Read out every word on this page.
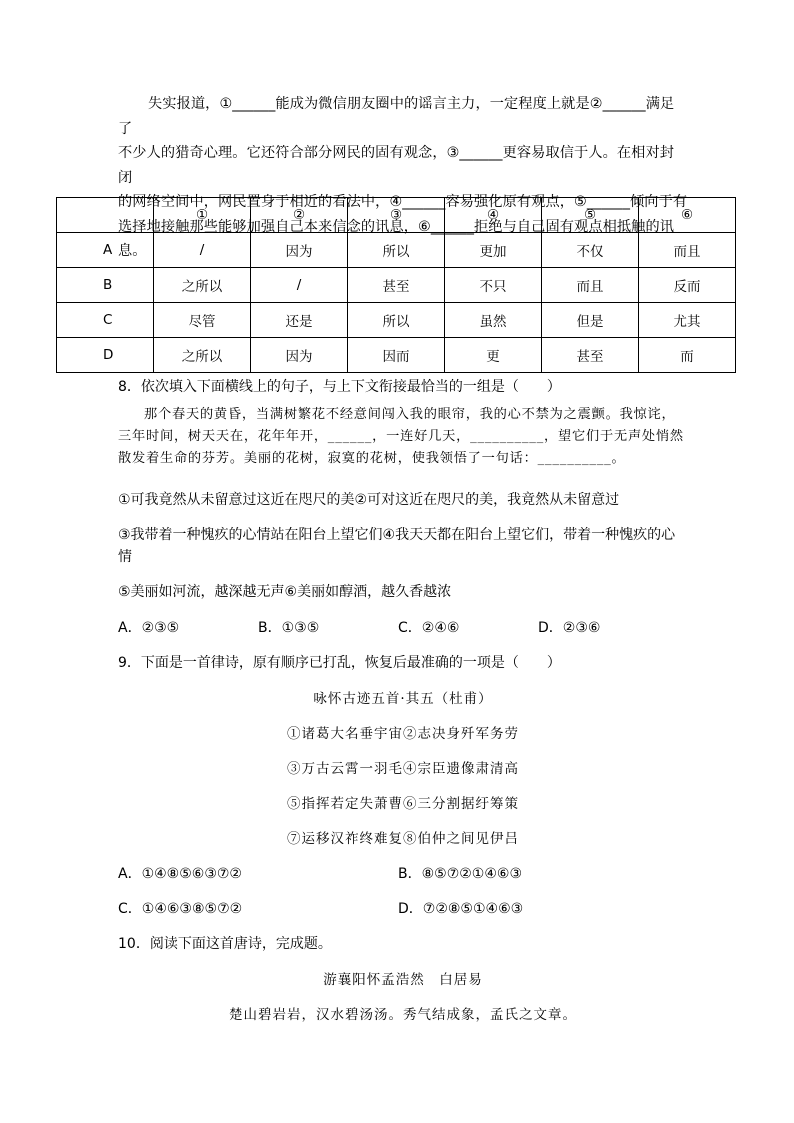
失实报道，①______能成为微信朋友圈中的谣言主力，一定程度上就是②______满足了

不少人的猎奇心理。它还符合部分网民的固有观念，③______更容易取信于人。在相对封闭

的网络空间中，网民置身于相近的看法中，④______容易强化原有观点，⑤______倾向于有

选择地接触那些能够加强自己本来信念的讯息，⑥______拒绝与自己固有观点相抵触的讯息。

	①	②	③	④	⑤	⑥
A	/	因为	所以	更加	不仅	而且
B	之所以	/	甚至	不只	而且	反而
C	尽管	还是	所以	虽然	但是	尤其
D	之所以	因为	因而	更	甚至	而
8．依次填入下面横线上的句子，与上下文衔接最恰当的一组是（　　）

那个春天的黄昏，当满树繁花不经意间闯入我的眼帘，我的心不禁为之震颤。我惊诧，

三年时间，树天天在，花年年开，______，一连好几天，__________，望它们于无声处悄然

散发着生命的芬芳。美丽的花树，寂寞的花树，使我领悟了一句话：__________。

①可我竟然从未留意过这近在咫尺的美②可对这近在咫尺的美，我竟然从未留意过
③我带着一种愧疚的心情站在阳台上望它们④我天天都在阳台上望它们，带着一种愧疚的心
情
⑤美丽如河流，越深越无声⑥美丽如醇酒，越久香越浓
A．②③⑤	B．①③⑤	C．②④⑥	D．②③⑥
9．下面是一首律诗，原有顺序已打乱，恢复后最准确的一项是（　　）
咏怀古迹五首·其五（杜甫）
①诸葛大名垂宇宙②志决身歼军务劳
③万古云霄一羽毛④宗臣遗像肃清高
⑤指挥若定失萧曹⑥三分割据纡筹策
⑦运移汉祚终难复⑧伯仲之间见伊吕
A．①④⑧⑤⑥③⑦②	B．⑧⑤⑦②①④⑥③
C．①④⑥③⑧⑤⑦②	D．⑦②⑧⑤①④⑥③
10．阅读下面这首唐诗，完成题。
游襄阳怀孟浩然　白居易
楚山碧岩岩，汉水碧汤汤。秀气结成象，孟氏之文章。
